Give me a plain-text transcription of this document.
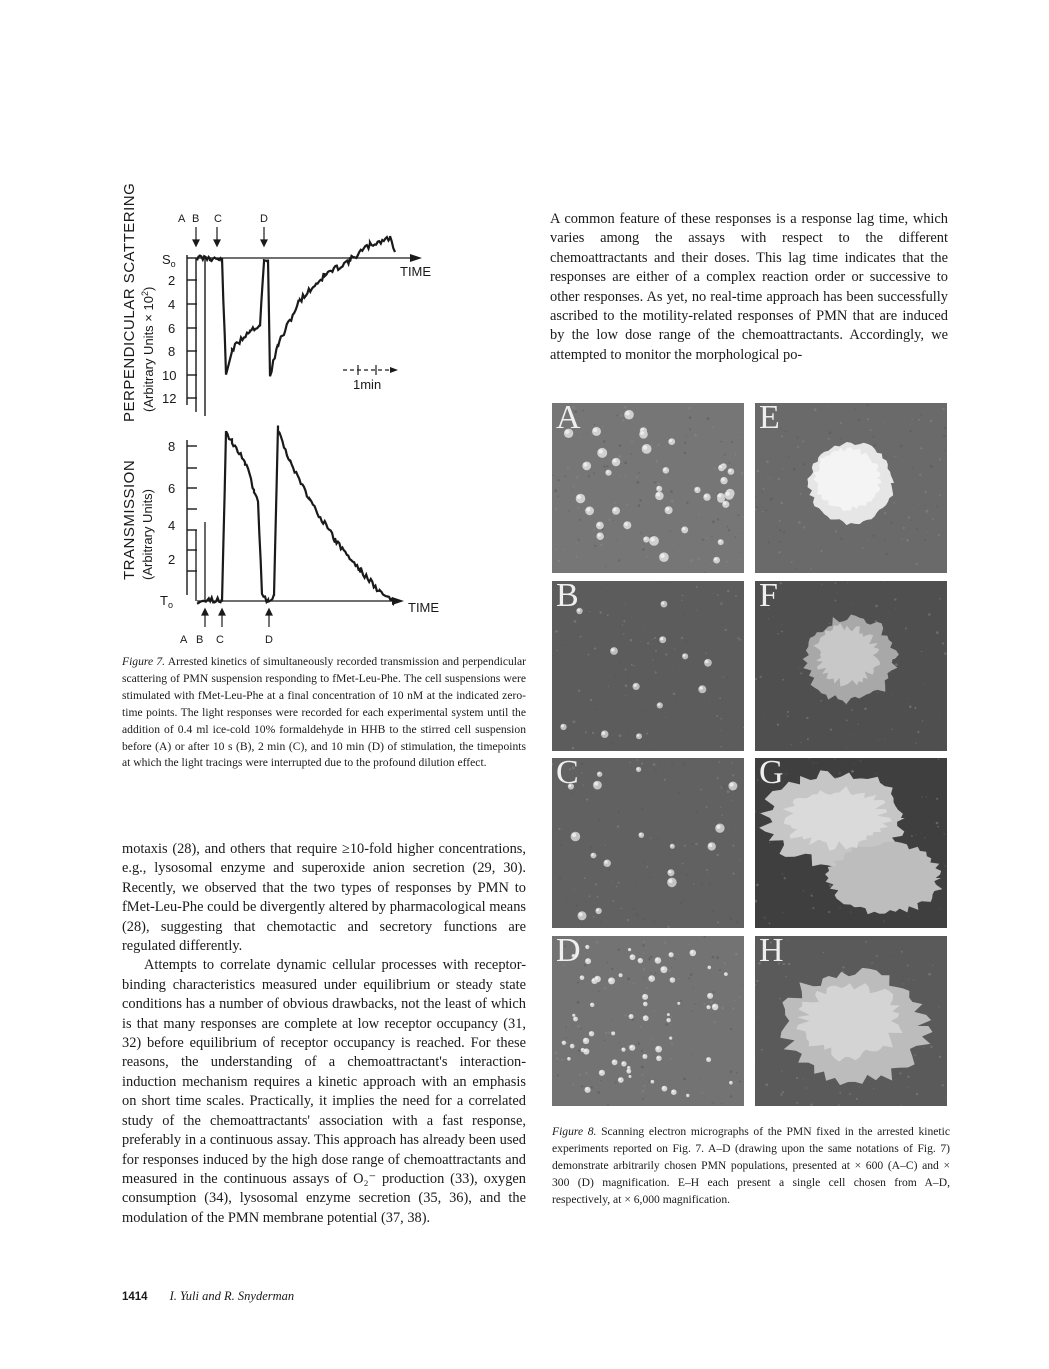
PERPENDICULAR SCATTERING (Arbitrary Units × $10^2$)
$S_o$
2
4
6
8
10
12
TIME
A B C	D
1min
TRANSMISSION (Arbitrary Units)
8
6
4
2
$T_o$	TIME
A B C	D
Figure 7. Arrested kinetics of simultaneously recorded transmission and perpendicular scattering of PMN suspension responding to fMet-Leu-Phe. The cell suspensions were stimulated with fMet-Leu-Phe at a final concentration of 10 nM at the indicated zero-time points. The light responses were recorded for each experimental system until the addition of 0.4 ml ice-cold 10% formaldehyde in HHB to the stirred cell suspension before (A) or after 10 s (B), 2 min (C), and 10 min (D) of stimulation, the timepoints at which the light tracings were interrupted due to the profound dilution effect.

motaxis (28), and others that require ≥10-fold higher concentrations, e.g., lysosomal enzyme and superoxide anion secretion (29, 30). Recently, we observed that the two types of responses by PMN to fMet-Leu-Phe could be divergently altered by pharmacological means (28), suggesting that chemotactic and secretory functions are regulated differently.

Attempts to correlate dynamic cellular processes with receptor-binding characteristics measured under equilibrium or steady state conditions has a number of obvious drawbacks, not the least of which is that many responses are complete at low receptor occupancy (31, 32) before equilibrium of receptor occupancy is reached. For these reasons, the understanding of a chemoattractant's interaction-induction mechanism requires a kinetic approach with an emphasis on short time scales. Practically, it implies the need for a correlated study of the chemoattractants' association with a fast response, preferably in a continuous assay. This approach has already been used for responses induced by the high dose range of chemoattractants and measured in the continuous assays of O₂⁻ production (33), oxygen consumption (34), lysosomal enzyme secretion (35, 36), and the modulation of the PMN membrane potential (37, 38).

A common feature of these responses is a response lag time, which varies among the assays with respect to the different chemoattractants and their doses. This lag time indicates that the responses are either of a complex reaction order or successive to other responses. As yet, no real-time approach has been successfully ascribed to the motility-related responses of PMN that are induced by the low dose range of the chemoattractants. Accordingly, we attempted to monitor the morphological po-

A	E
B	F
C	G
D	H
Figure 8. Scanning electron micrographs of the PMN fixed in the arrested kinetic experiments reported on Fig. 7. A–D (drawing upon the same notations of Fig. 7) demonstrate arbitrarily chosen PMN populations, presented at × 600 (A–C) and × 300 (D) magnification. E–H each present a single cell chosen from A–D, respectively, at × 6,000 magnification.
1414 I. Yuli and R. Snyderman
